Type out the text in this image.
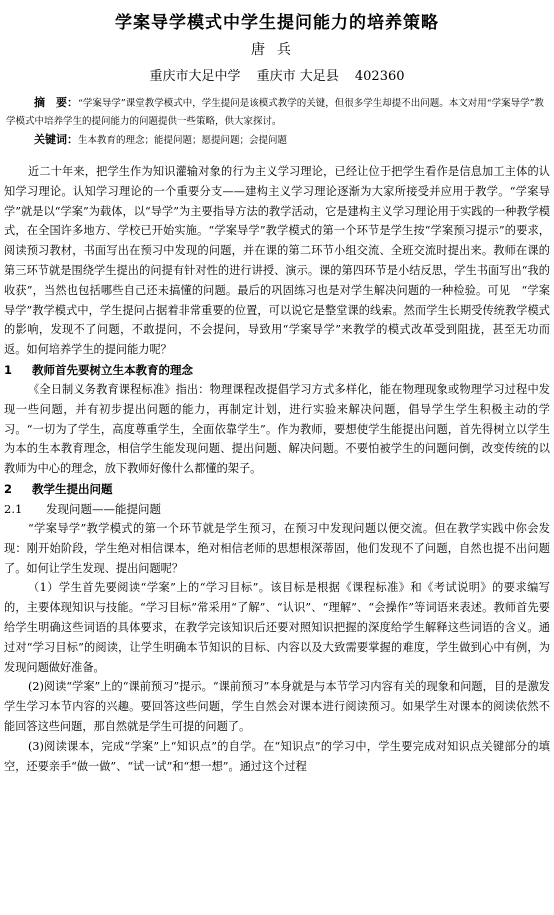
学案导学模式中学生提问能力的培养策略
唐兵
重庆市大足中学 重庆市 大足县 402360
摘　要：“学案导学”课堂教学模式中，学生提问是该模式教学的关键，但很多学生却提不出问题。本文对用“学案导学”教学模式中培养学生的提问能力的问题提供一些策略，供大家探讨。
关键词：生本教育的理念；能提问题；愿提问题；会提问题

近二十年来，把学生作为知识灌输对象的行为主义学习理论，已经让位于把学生看作是信息加工主体的认知学习理论。认知学习理论的一个重要分支——建构主义学习理论逐渐为大家所接受并应用于教学。“学案导学”就是以“学案”为载体，以“导学”为主要指导方法的教学活动，它是建构主义学习理论用于实践的一种教学模式，在全国许多地方、学校已开始实施。“学案导学”教学模式的第一个环节是学生按“学案预习提示”的要求，阅读预习教材，书面写出在预习中发现的问题，并在课的第二环节小组交流、全班交流时提出来。教师在课的第三环节就是围绕学生提出的问提有针对性的进行讲授、演示。课的第四环节是小结反思，学生书面写出“我的收获”，当然也包括哪些自己还未搞懂的问题。最后的巩固练习也是对学生解决问题的一种检验。可见　“学案导学”教学模式中，学生提问占据着非常重要的位置，可以说它是整堂课的线索。然而学生长期受传统教学模式的影响，发现不了问题，不敢提问，不会提问，导致用“学案导学”来教学的模式改革受到阻拢，甚至无功而返。如何培养学生的提问能力呢？

1 教师首先要树立生本教育的理念

《全日制义务教育课程标准》指出：物理课程改提倡学习方式多样化，能在物理现象或物理学习过程中发现一些问题，并有初步提出问题的能力，再制定计划，进行实验来解决问题，倡导学生学生积极主动的学习。“一切为了学生，高度尊重学生，全面依靠学生”。作为教师，要想使学生能提出问题，首先得树立以学生为本的生本教育理念，相信学生能发现问题、提出问题、解决问题。不要怕被学生的问题问倒，改变传统的以教师为中心的理念，放下教师好像什么都懂的架子。

2 教学生提出问题
2.1 发现问题——能提问题

“学案导学”教学模式的第一个环节就是学生预习，在预习中发现问题以便交流。但在教学实践中你会发现：刚开始阶段，学生绝对相信课本，绝对相信老师的思想根深蒂固，他们发现不了问题，自然也提不出问题了。如何让学生发现、提出问题呢？

（1）学生首先要阅读“学案”上的“学习目标”。该目标是根据《课程标准》和《考试说明》的要求编写的，主要体现知识与技能。“学习目标”常采用“了解”、“认识”、“理解”、“会操作”等词语来表述。教师首先要给学生明确这些词语的具体要求，在教学完该知识后还要对照知识把握的深度给学生解释这些词语的含义。通过对“学习目标”的阅读，让学生明确本节知识的目标、内容以及大致需要掌握的难度，学生做到心中有例，为发现问题做好准备。

(2)阅读“学案”上的“课前预习”提示。“课前预习”本身就是与本节学习内容有关的现象和问题，目的是激发学生学习本节内容的兴趣。要回答这些问题，学生自然会对课本进行阅读预习。如果学生对课本的阅读依然不能回答这些问题，那自然就是学生可提的问题了。

(3)阅读课本，完成“学案”上“知识点”的自学。在“知识点”的学习中，学生要完成对知识点关键部分的填空，还要亲手“做一做”、“试一试”和“想一想”。通过这个过程
